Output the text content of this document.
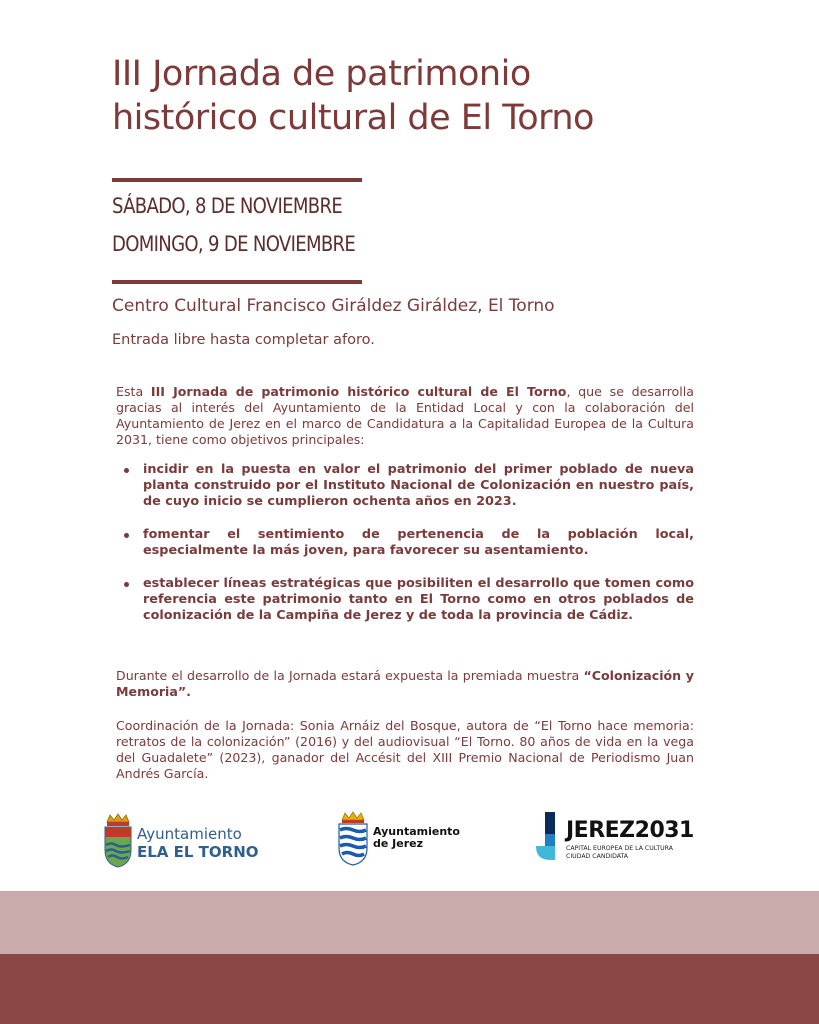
III Jornada de patrimonio
histórico cultural de El Torno
SÁBADO, 8 DE NOVIEMBRE
DOMINGO, 9 DE NOVIEMBRE
Centro Cultural Francisco Giráldez Giráldez, El Torno
Entrada libre hasta completar aforo.

Esta III Jornada de patrimonio histórico cultural de El Torno, que se desarrolla gracias al interés del Ayuntamiento de la Entidad Local y con la colaboración del Ayuntamiento de Jerez en el marco de Candidatura a la Capitalidad Europea de la Cultura 2031, tiene como objetivos principales:

incidir en la puesta en valor el patrimonio del primer poblado de nueva planta construido por el Instituto Nacional de Colonización en nuestro país, de cuyo inicio se cumplieron ochenta años en 2023.
fomentar el sentimiento de pertenencia de la población local, especialmente la más joven, para favorecer su asentamiento.
establecer líneas estratégicas que posibiliten el desarrollo que tomen como referencia este patrimonio tanto en El Torno como en otros poblados de colonización de la Campiña de Jerez y de toda la provincia de Cádiz.

Durante el desarrollo de la Jornada estará expuesta la premiada muestra “Colonización y Memoria”.

Coordinación de la Jornada: Sonia Arnáiz del Bosque, autora de “El Torno hace memoria: retratos de la colonización” (2016) y del audiovisual “El Torno. 80 años de vida en la vega del Guadalete” (2023), ganador del Accésit del XIII Premio Nacional de Periodismo Juan Andrés García.

Ayuntamiento
ELA EL TORNO
Ayuntamiento
de Jerez
JEREZ2031
CAPITAL EUROPEA DE LA CULTURA
CIUDAD CANDIDATA
